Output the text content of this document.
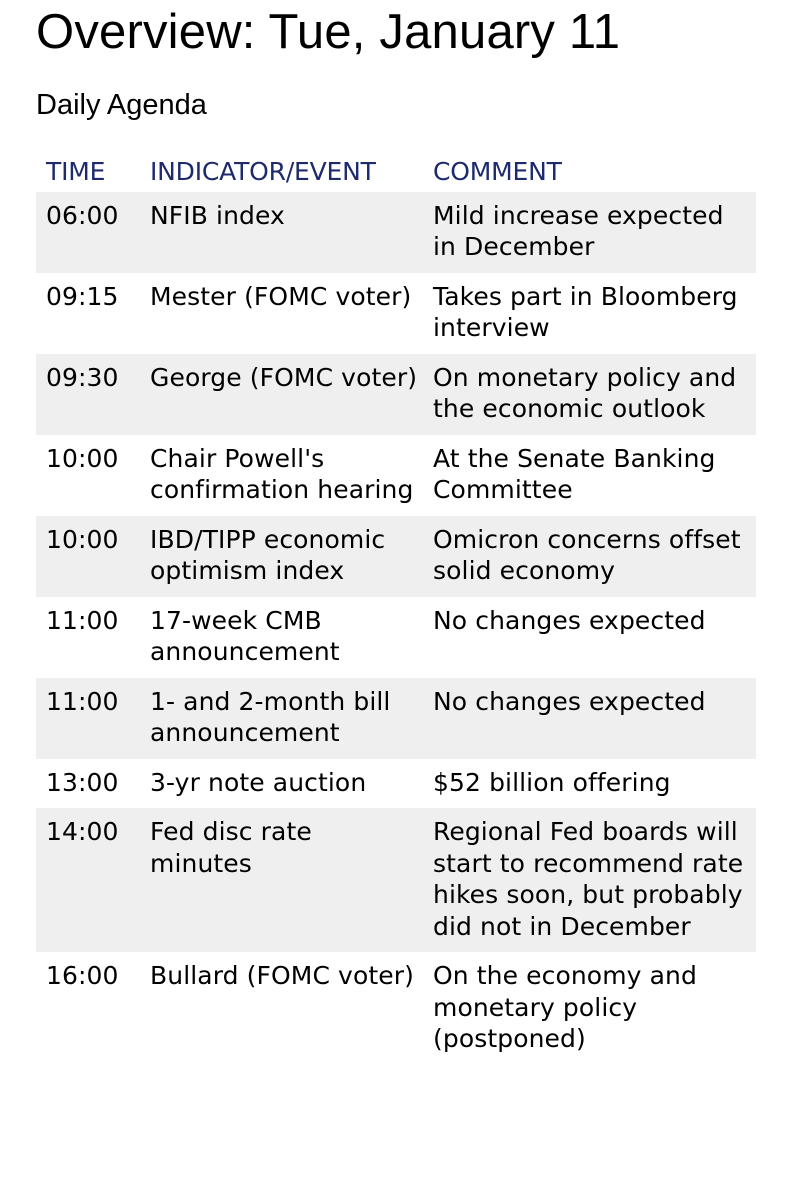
Overview: Tue, January 11
Daily Agenda
TIME	INDICATOR/EVENT	COMMENT
06:00	NFIB index	Mild increase expected in December
09:15	Mester (FOMC voter)	Takes part in Bloomberg interview
09:30	George (FOMC voter)	On monetary policy and the economic outlook
10:00	Chair Powell's confirmation hearing	At the Senate Banking Committee
10:00	IBD/TIPP economic optimism index	Omicron concerns offset solid economy
11:00	17-week CMB announcement	No changes expected
11:00	1- and 2-month bill announcement	No changes expected
13:00	3-yr note auction	$52 billion offering
14:00	Fed disc rate minutes	Regional Fed boards will start to recommend rate hikes soon, but probably did not in December
16:00	Bullard (FOMC voter)	On the economy and monetary policy (postponed)
